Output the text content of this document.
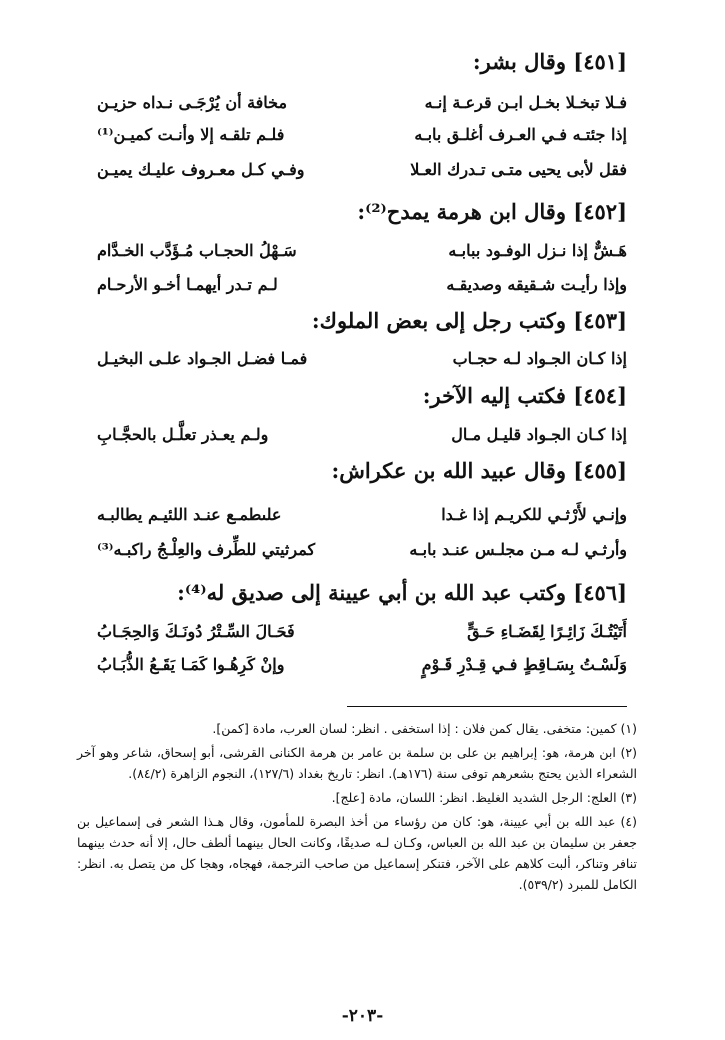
[٤٥١] وقال بشر:
فـلا تبخـلا بخـل ابـن قرعـة إنـه
مخافة أن يُرْجَـى نـداه حزيـن
إذا جئتـه فـي العـرف أغلـق بابـه
فلـم تلقـه إلا وأنـت كميـن⁽¹⁾
فقل لأبى يحيى متـى تـدرك العـلا
وفـي كـل معـروف عليـك يميـن
[٤٥٢] وقال ابن هرمة يمدح⁽²⁾:
هَـشٌّ إذا نـزل الوفـود ببابـه
سَـهْلُ الحجـاب مُـؤَدَّب الخـدَّام
وإذا رأيـت شـقيقه وصديقـه
لـم تـدر أيهمـا أخـو الأرحـام
[٤٥٣] وكتب رجل إلى بعض الملوك:
إذا كـان الجـواد لـه حجـاب
فمـا فضـل الجـواد علـى البخيـل
[٤٥٤] فكتب إليه الآخر:
إذا كـان الجـواد قليـل مـال
ولـم يعـذر تعلَّـل بالحجَّـابِ
[٤٥٥] وقال عبيد الله بن عكراش:
وإنـي لأَرْثـي للكريـم إذا غـدا
علىطمـع عنـد اللئيـم يطالبـه
وأرثـي لـه مـن مجلـس عنـد بابـه
كمرثيتي للطِّرف والعِلْـجُ راكبـه⁽³⁾
[٤٥٦] وكتب عبد الله بن أبي عيينة إلى صديق له⁽⁴⁾:
أَتَيْتُـكَ زَائِـرًا لِقَضَـاءِ حَـقٍّ
فَحَـالَ السِّـتْرُ دُونَـكَ وَالحِجَـابُ
وَلَسْـتُ بِسَـاقِطٍ فـي قِـدْرِ قَـوْمٍ
وإنْ كَرِهُـوا كَمَـا يَقَـعُ الذُّبَـابُ

(١) كمين: متخفى. يقال كمن فلان : إذا استخفى . انظر: لسان العرب، مادة [كمن].

(٢) ابن هرمة، هو: إبراهيم بن على بن سلمة بن عامر بن هرمة الكنانى القرشى، أبو إسحاق، شاعر وهو آخر الشعراء الذين يحتج بشعرهم توفى سنة (١٧٦هـ). انظر: تاريخ بغداد (١٢٧/٦)، النجوم الزاهرة (٨٤/٢).

(٣) العلج: الرجل الشديد الغليظ. انظر: اللسان، مادة [علج].

(٤) عبد الله بن أبي عيينة، هو: كان من رؤساء من أخذ البصرة للمأمون، وقال هـذا الشعر فى إسماعيل بن جعفر بن سليمان بن عبد الله بن العباس، وكـان لـه صديقًا، وكانت الحال بينهما ألطف حال، إلا أنه حدث بينهما تنافر وتناكر، ألبت كلاهم على الآخر، فتنكر إسماعيل من صاحب الترجمة، فهجاه، وهجا كل من يتصل به. انظر: الكامل للمبرد (٥٣٩/٢).

-٢٠٣-
